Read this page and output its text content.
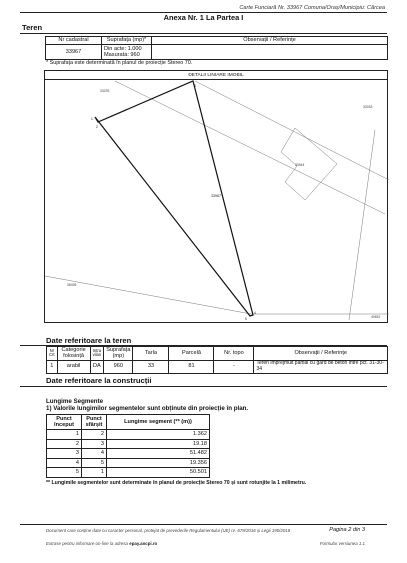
Carte Funciară Nr. 33967 Comuna/Oraș/Municipiu: Cărcea
Anexa Nr. 1 La Partea I
Teren
Nr cadastral	Suprafața (mp)*	Observații / Referințe
33967	Din acte: 1.000
Masurata: 960	

* Suprafața este determinată în planul de proiecție Stereo 70.
DETALII LINIARE IMOBIL
33293
33033
33967
33944
38495
40651
1
2
3
4
5
Date referitoare la teren
Nr Crt	Categorie folosință	Intra vilan	Suprafața (mp)	Tarla	Parcelă	Nr. topo	Observații / Referințe
1	arabil	DA	960	33	81	-	Teren imprejmuit partial cu gard de beton intre pct. 31-30-34
Date referitoare la construcții
Lungime Segmente
1) Valorile lungimilor segmentelor sunt obținute din proiecție în plan.
Punct început	Punct sfârșit	Lungime segment (** (m))
1	2	1.362
2	3	19.18
3	4	51.482
4	5	19.356
5	1	50.501
** Lungimile segmentelor sunt determinate în planul de proiecție Stereo 70 și sunt rotunjite la 1 milimetru.
Document care conține date cu caracter personal, protejat de prevederile Regulamentului (UE) nr. 679/2016 și Legii 190/2018	Pagina 2 din 3
Extrase pentru informare on-line la adresa epay.ancpi.ro	Formular versiunea 1.1
